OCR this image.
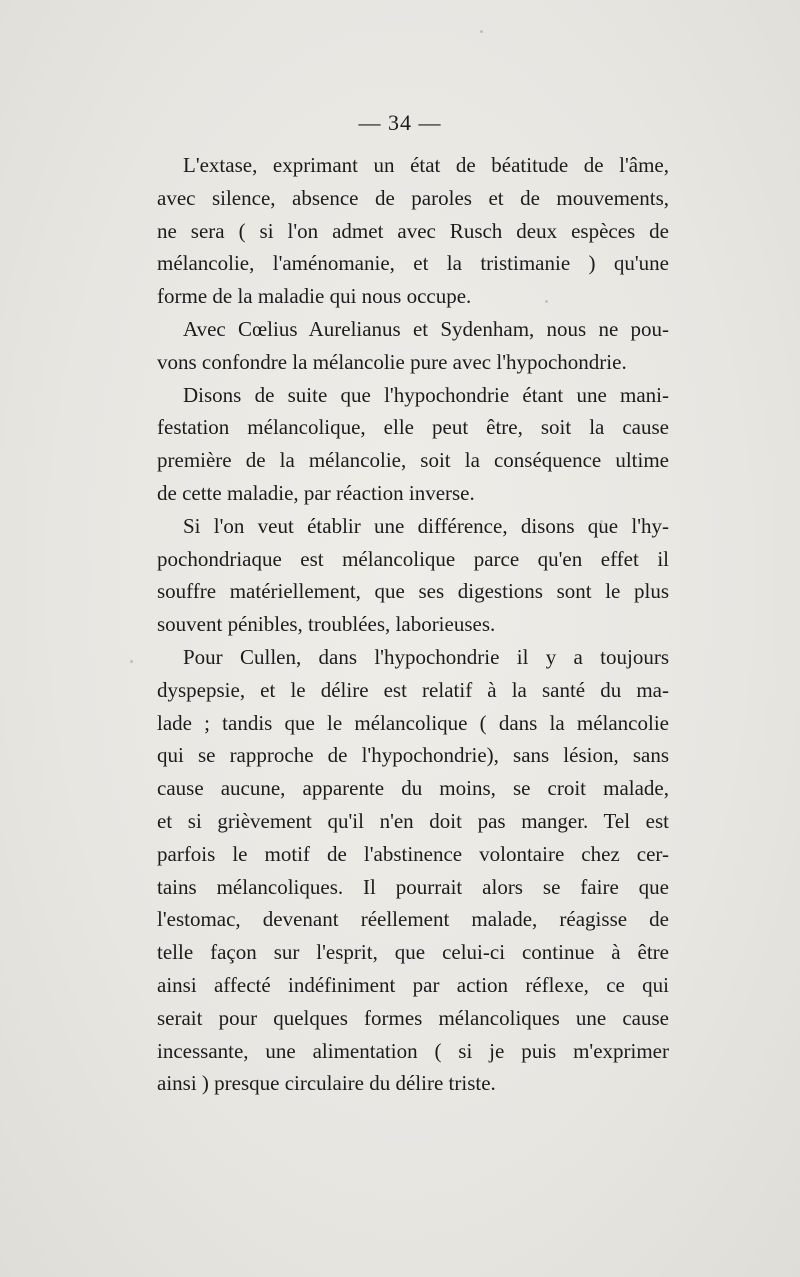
— 34 —
L'extase, exprimant un état de béatitude de l'âme,
avec silence, absence de paroles et de mouvements,
ne sera ( si l'on admet avec Rusch deux espèces de
mélancolie, l'aménomanie, et la tristimanie ) qu'une
forme de la maladie qui nous occupe.
Avec Cœlius Aurelianus et Sydenham, nous ne pou-
vons confondre la mélancolie pure avec l'hypochondrie.
Disons de suite que l'hypochondrie étant une mani-
festation mélancolique, elle peut être, soit la cause
première de la mélancolie, soit la conséquence ultime
de cette maladie, par réaction inverse.
Si l'on veut établir une différence, disons que l'hy-
pochondriaque est mélancolique parce qu'en effet il
souffre matériellement, que ses digestions sont le plus
souvent pénibles, troublées, laborieuses.
Pour Cullen, dans l'hypochondrie il y a toujours
dyspepsie, et le délire est relatif à la santé du ma-
lade ; tandis que le mélancolique ( dans la mélancolie
qui se rapproche de l'hypochondrie), sans lésion, sans
cause aucune, apparente du moins, se croit malade,
et si grièvement qu'il n'en doit pas manger. Tel est
parfois le motif de l'abstinence volontaire chez cer-
tains mélancoliques. Il pourrait alors se faire que
l'estomac, devenant réellement malade, réagisse de
telle façon sur l'esprit, que celui-ci continue à être
ainsi affecté indéfiniment par action réflexe, ce qui
serait pour quelques formes mélancoliques une cause
incessante, une alimentation ( si je puis m'exprimer
ainsi ) presque circulaire du délire triste.
